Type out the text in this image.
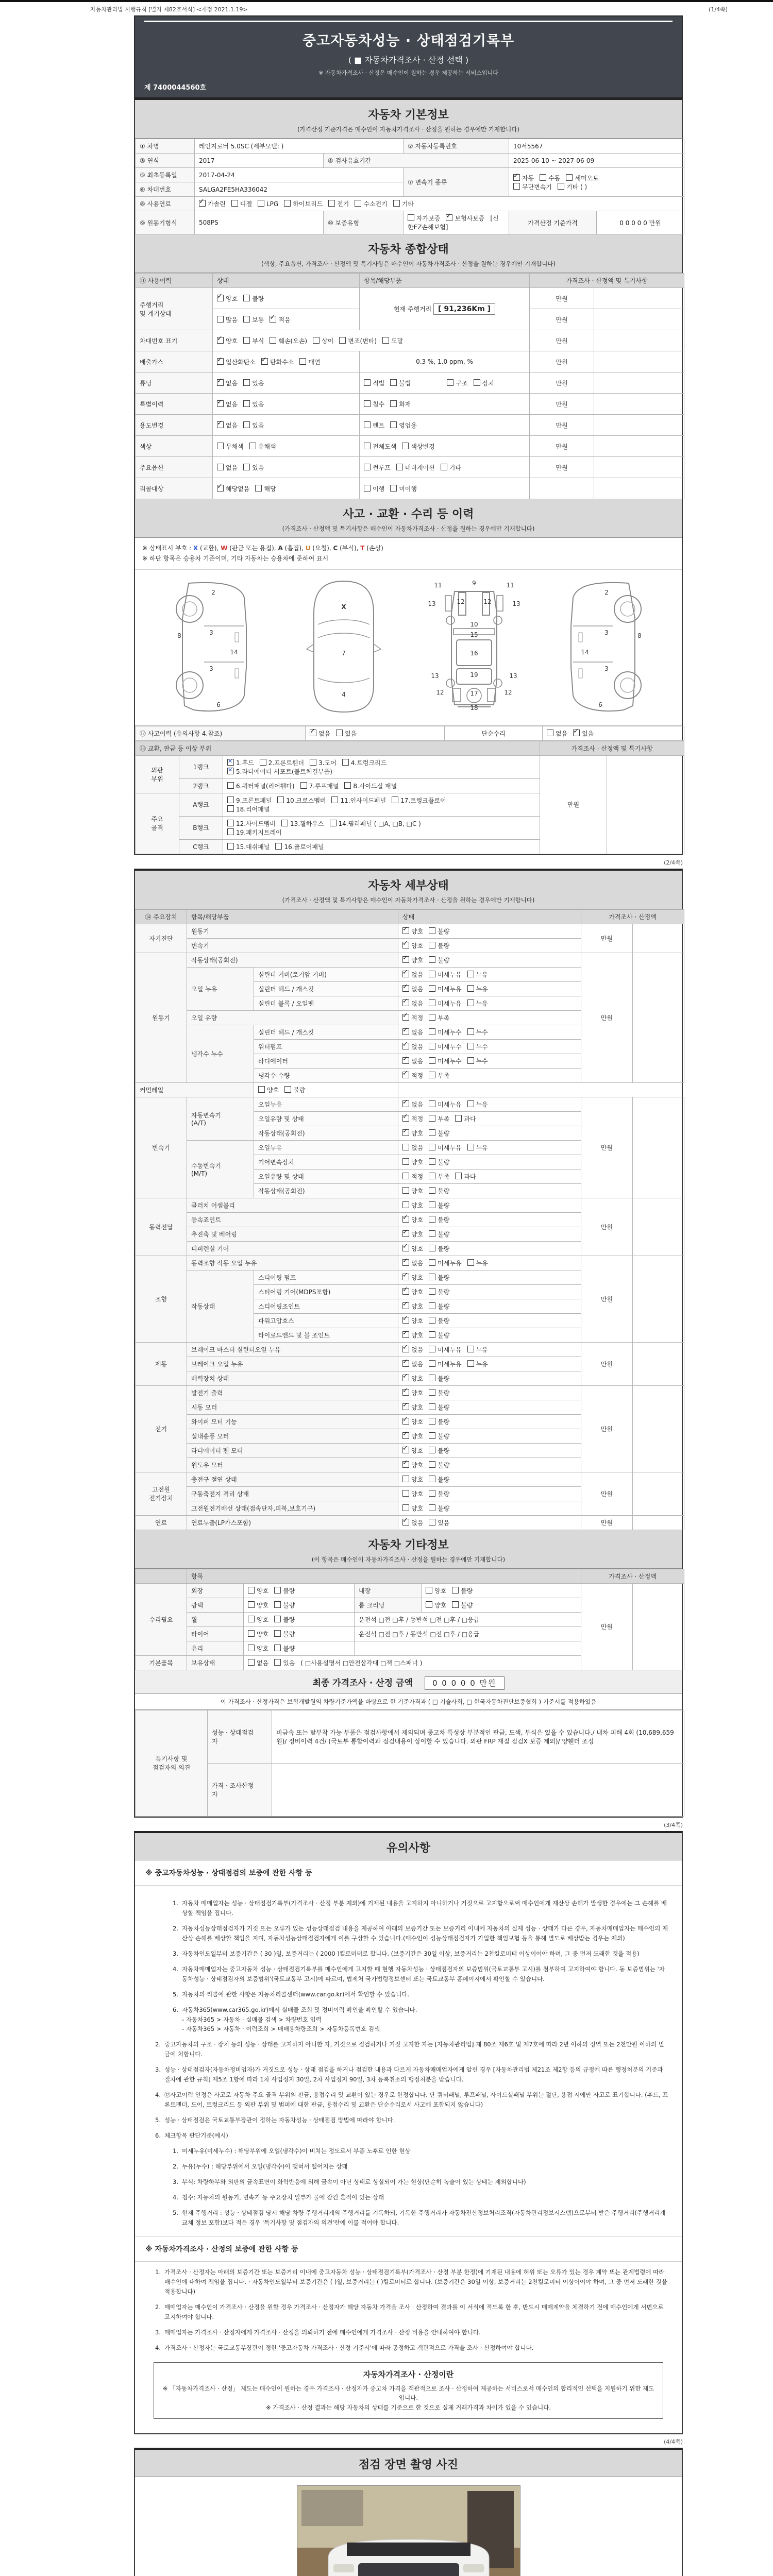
자동차관리법 시행규칙 [별지 제82호서식] <개정 2021.1.19>	(1/4쪽)
중고자동차성능 · 상태점검기록부
( ■ 자동차가격조사 · 산정 선택 )
※ 자동차가격조사 · 산정은 매수인이 원하는 경우 제공하는 서비스입니다
제 7400044560호
자동차 기본정보
(가격산정 기준가격은 매수인이 자동차가격조사 · 산정을 원하는 경우에만 기재합니다)
① 차명	레인지로버 5.0SC (세부모델: )		② 자동차등록번호	10서5567	
③ 연식	2017	④ 검사유효기간		2025-06-10 ~ 2027-06-09	
⑤ 최초등록일	2017-04-24		⑦ 변속기 종류	✓자동 수동 세미오토
무단변속기 기타 ( )
⑥ 차대번호	SALGA2FE5HA336042				
⑧ 사용연료	✓가솔린 디젤 LPG 하이브리드 전기 수소전기 기타
⑨ 원동기형식	508PS	⑩ 보증유형	자가보증 ✓ 보험사보증 [신한EZ손해보험]	가격산정 기준가격	0 0 0 0 0 만원
자동차 종합상태
(색상, 주요옵션, 가격조사 · 산정액 및 특기사항은 매수인이 자동차가격조사 · 산정을 원하는 경우에만 기재합니다)
⑪ 사용이력	상태	항목/해당부품	가격조사 · 산정액 및 특기사항	
주행거리
및 계기상태	✓양호 불량	현재 주행거리 [ 91,236Km ]	만원	
	많음 보통 ✓ 적음		만원	
차대번호 표기	✓양호 부식 훼손(오손) 상이 변조(변타) 도말		만원	
배출가스	✓일산화탄소 ✓ 탄화수소 매연	0.3 %, 1.0 ppm, %	만원	
튜닝	✓없음 있음	적법 불법　　　　 구조 장치	만원	
특별이력	✓없음 있음	침수 화재	만원	
용도변경	✓없음 있음	렌트 영업용	만원	
색상	무채색 유채색	전체도색 색상변경	만원	
주요옵션	없음 있음	썬루프 네비게이션 기타	만원	
리콜대상	✓해당없음 해당	이행 미이행		
사고 · 교환 · 수리 등 이력
(가격조사 · 산정액 및 특기사항은 매수인이 자동차가격조사 · 산정을 원하는 경우에만 기재합니다)
※ 상태표시 부호 : X (교환), W (판금 또는 용접), A (흠집), U (요철), C (부식), T (손상)
※ 하단 항목은 승용차 기준이며, 기타 자동차는 승용차에 준하여 표시
2
8	3
14
3
6
X
7
4
11	9	11
13	12	12	13
10
15
16
13	19	13
12	17	12
18
2
3	8
14
3
6
⑫ 사고이력 (유의사항 4.참조)	✓없음 있음	단순수리	없음 ✓ 있음
⑬ 교환, 판금 등 이상 부위			가격조사 · 산정액 및 특기사항	
외판
부위	1랭크	✕1.후드 2.프론트휀더 3.도어 4.트렁크리드
✕5.라디에이터 서포트(볼트체결부품)	만원	
	2랭크	6.쿼터패널(리어휀다) 7.루프패널 8.사이드실 패널		
주요
골격	A랭크	9.프론트패널 10.크로스멤버 11.인사이드패널 17.트렁크플로어
18.리어패널		
	B랭크	12.사이드멤버 13.휠하우스 14.필러패널 ( □A, □B, □C )
19.패키지트레이		
	C랭크	15.대쉬패널 16.플로어패널		
(2/4쪽)
자동차 세부상태
(가격조사 · 산정액 및 특기사항은 매수인이 자동차가격조사 · 산정을 원하는 경우에만 기재합니다)
⑭ 주요장치	항목/해당부품		상태	가격조사 · 산정액	
자기진단	원동기	✓양호 불량	만원	
	변속기	✓양호 불량
원동기	작동상태(공회전)	✓양호 불량	만원	
	오일 누유	실린더 커버(로커암 커버)	✓없음 미세누유 누유
		실린더 헤드 / 개스킷	✓없음 미세누유 누유
		실린더 블록 / 오일팬	✓없음 미세누유 누유
	오일 유량	✓적정 부족
	냉각수 누수	실린더 헤드 / 개스킷	✓없음 미세누수 누수
		워터펌프	✓없음 미세누수 누수
		라디에이터	✓없음 미세누수 누수
		냉각수 수량	✓적정 부족
커먼레일		양호 불량			
변속기	자동변속기
(A/T)	오일누유	✓없음 미세누유 누유	만원	
		오일유량 및 상태	✓적정 부족 과다
		작동상태(공회전)	✓양호 불량
	수동변속기
(M/T)	오일누유	없음 미세누유 누유		
		기어변속장치	양호 불량		
		오일유량 및 상태	적정 부족 과다		
		작동상태(공회전)	양호 불량		
동력전달	클러치 어셈블리		양호 불량	만원	
	등속죠인트	✓양호 불량
	추진축 및 베어링	✓양호 불량
	디퍼렌셜 기어	✓양호 불량
조향	동력조향 작동 오일 누유	✓없음 미세누유 누유	만원	
	작동상태	스티어링 펌프	✓양호 불량
		스티어링 기어(MDPS포함)	✓양호 불량
		스티어링조인트	✓양호 불량
		파워고압호스	✓양호 불량
		타이로드엔드 및 볼 조인트	✓양호 불량
제동	브레이크 마스터 실린더오일 누유	✓없음 미세누유 누유	만원	
	브레이크 오일 누유	✓없음 미세누유 누유
	배력장치 상태	✓양호 불량
전기	발전기 출력	✓양호 불량	만원	
	시동 모터	✓양호 불량
	와이퍼 모터 기능	✓양호 불량
	실내송풍 모터	✓양호 불량
	라디에이터 팬 모터	✓양호 불량
	윈도우 모터	✓양호 불량
고전원
전기장치	충전구 절연 상태		양호 불량	만원	
	구동축전지 격리 상태		양호 불량		
	고전원전기배선 상태(접속단자,피복,보호기구)		양호 불량		
연료	연료누출(LP가스포함)	✓없음 있음	만원	
자동차 기타정보
(이 항목은 매수인이 자동차가격조사 · 산정을 원하는 경우에만 기재합니다)
	항목				가격조사 · 산정액	
수리필요	외장	양호 불량	내장	양호 불량	만원	
	광택	양호 불량	룸 크리닝	양호 불량		
	휠	양호 불량	운전석 □전 □후 / 동반석 □전 □후 / □응급			
	타이어	양호 불량	운전석 □전 □후 / 동반석 □전 □후 / □응급			
	유리	양호 불량				
기본품목	보유상태	없음 있음 ( □사용설명서 □안전삼각대 □잭 □스패너 )				
최종 가격조사 · 산정 금액	0 0 0 0 0 만원
이 가격조사 · 산정가격은 보험개발원의 차량기준가액을 바탕으로 한 기준가격과 ( □ 기술사회, □ 한국자동차진단보증협회 ) 기준서를 적용하였음
특기사항 및
점검자의 의견	성능 · 상태점검
자	비금속 또는 탈부착 가능 부품은 점검사항에서 제외되며 중고차 특성상 부분적인 판금, 도색, 부식은 있을 수 있습니다./ 내차 피해 4회 (10,689,659원)/ 정비이력 4건/ (국토부 통합이력과 점검내용이 상이할 수 있습니다. 외판 FRP 재질 점검X 보증 제외)/ 양휀더 조정
	가격 · 조사산정
자	
(3/4쪽)
유의사항
※ 중고자동차성능 · 상태점검의 보증에 관한 사항 등
1. 자동차 매매업자는 성능 · 상태점검기록부(가격조사 · 산정 부분 제외)에 기재된 내용을 고지하지 아니하거나 거짓으로 고지함으로써 매수인에게 재산상 손해가 발생한 경우에는 그 손해를 배상할 책임을 집니다.
2. 자동차성능상태점검자가 거짓 또는 오류가 있는 성능상태점검 내용을 제공하여 아래의 보증기간 또는 보증거리 이내에 자동차의 실제 성능 · 상태가 다른 경우, 자동차매매업자는 매수인의 재산상 손해를 배상할 책임을 지며, 자동차성능상태점검자에게 이를 구상할 수 있습니다.(매수인이 성능상태점검자가 가입한 책임보험 등을 통해 별도로 배상받는 경우는 제외)
3. 자동차인도일부터 보증기간은 ( 30 )일, 보증거리는 ( 2000 )킬로미터로 합니다. (보증기간은 30일 이상, 보증거리는 2천킬로미터 이상이어야 하며, 그 중 먼저 도래한 것을 적용)
4. 자동차매매업자는 중고자동차 성능 · 상태점검기록부를 매수인에게 고지할 때 현행 자동차성능 · 상태점검자의 보증범위(국토교통부 고시)를 첨부하여 고지하여야 합니다. 동 보증범위는 '자동차성능 · 상태점검자의 보증범위'(국토교통부 고시)에 따르며, 법제처 국가법령정보센터 또는 국토교통부 홈페이지에서 확인할 수 있습니다.
5. 자동차의 리콜에 관한 사항은 자동차리콜센터(www.car.go.kr)에서 확인할 수 있습니다.
6. 자동차365(www.car365.go.kr)에서 실매물 조회 및 정비이력 확인을 확인할 수 있습니다.
- 자동차365 > 자동차 · 실매물 검색 > 차량번호 입력
- 자동차365 > 자동차 · 이력조회 > 매매용차량조회 > 자동차등록번호 검색
2. 중고자동차의 구조 · 장치 등의 성능 · 상태를 고지하지 아니한 자, 거짓으로 점검하거나 거짓 고지한 자는 [자동차관리법] 제 80조 제6호 및 제7호에 따라 2년 이하의 징역 또는 2천만원 이하의 벌금에 처합니다.
3. 성능 · 상태점검자(자동차정비업자)가 거짓으로 성능 · 상태 점검을 하거나 점검한 내용과 다르게 자동차매매업자에게 알린 경우 [자동차관리법 제21조 제2항 등의 규정에 따른 행정처분의 기준과 절차에 관한 규칙] 제5조 1항에 따라 1차 사업정지 30일, 2차 사업정지 90일, 3차 등록취소의 행정처분을 받습니다.
4. ⑫사고이력 인정은 사고로 자동차 주요 골격 부위의 판금, 용접수리 및 교환이 있는 경우로 한정합니다. 단 쿼터패널, 루프패널, 사이드실패널 부위는 절단, 용접 시에만 사고로 표기합니다. (후드, 프론트펜더, 도어, 트렁크리드 등 외판 부위 및 범퍼에 대한 판금, 용접수리 및 교환은 단순수리로서 사고에 포함되지 않습니다)
5. 성능 · 상태점검은 국토교통부장관이 정하는 자동차성능 · 상태점검 방법에 따라야 합니다.
6. 체크항목 판단기준(예시)
1. 미세누유(미세누수) : 해당부위에 오일(냉각수)이 비치는 정도로서 부품 노후로 인한 현상
2. 누유(누수) : 해당부위에서 오일(냉각수)이 맺혀서 떨어지는 상태
3. 부식: 차량하부와 외판의 금속표면이 화학반응에 의해 금속이 아닌 상태로 상실되어 가는 현상(단순히 녹슬어 있는 상태는 제외합니다)
4. 침수: 자동차의 원동기, 변속기 등 주요장치 일부가 물에 잠긴 흔적이 있는 상태
5. 현재 주행거리 : 성능 · 상태점검 당시 해당 차량 주행거리계의 주행거리를 기록하되, 기록한 주행거리가 자동차전산정보처리조직(자동차관리정보시스템)으로부터 받은 주행거리(주행거리계 교체 정보 포함)보다 적은 경우 '특기사항 및 점검자의 의견'란에 이를 적어야 합니다.
※ 자동차가격조사 · 산정의 보증에 관한 사항 등
1. 가격조사 · 산정자는 아래의 보증기간 또는 보증거리 이내에 중고자동차 성능 · 상태점검기록부(가격조사 · 산정 부분 한정)에 기재된 내용에 허위 또는 오류가 있는 경우 계약 또는 관계법령에 따라 매수인에 대하여 책임을 집니다. · 자동차인도일부터 보증기간은 ( )일, 보증거리는 ( )킬로미터로 합니다. (보증기간은 30일 이상, 보증거리는 2천킬로미터 이상이어야 하며, 그 중 먼저 도래한 것을 적용합니다)
2. 매매업자는 매수인이 가격조사 · 산정을 원할 경우 가격조사 · 산정자가 해당 자동차 가격을 조사 · 산정하여 결과를 이 서식에 적도록 한 후, 반드시 매매계약을 체결하기 전에 매수인에게 서면으로 고지하여야 합니다.
3. 매매업자는 가격조사 · 산정자에게 가격조사 · 산정을 의뢰하기 전에 매수인에게 가격조사 · 산정 비용을 안내하여야 합니다.
4. 가격조사 · 산정자는 국토교통부장관이 정한 '중고자동차 가격조사 · 산정 기준서'에 따라 공정하고 객관적으로 가격을 조사 · 산정하여야 합니다.
자동차가격조사 · 산정이란
※ 「자동차가격조사 · 산정」 제도는 매수인이 원하는 경우 가격조사 · 산정자가 중고차 가격을 객관적으로 조사 · 산정하여 제공하는 서비스로서 매수인의 합리적인 선택을 지원하기 위한 제도입니다.
※ 가격조사 · 산정 결과는 해당 자동차의 상태를 기준으로 한 것으로 실제 거래가격과 차이가 있을 수 있습니다.
(4/4쪽)
점검 장면 촬영 사진
